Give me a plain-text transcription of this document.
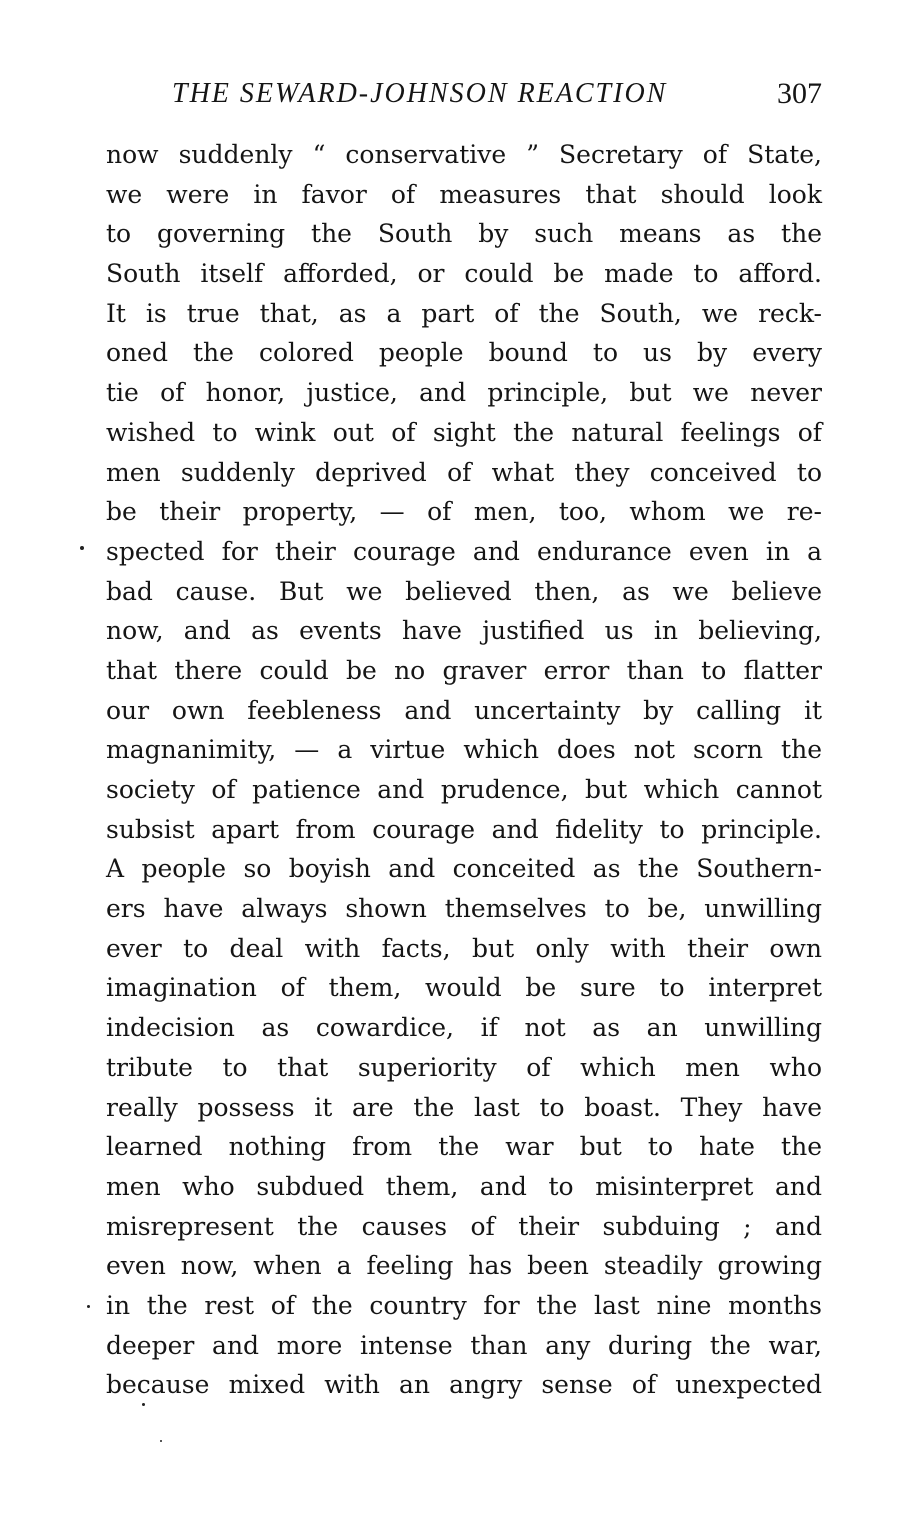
THE SEWARD-JOHNSON REACTION	307
now suddenly “ conservative ” Secretary of State,
we were in favor of measures that should look
to governing the South by such means as the
South itself afforded, or could be made to afford.
It is true that, as a part of the South, we reck-
oned the colored people bound to us by every
tie of honor, justice, and principle, but we never
wished to wink out of sight the natural feelings of
men suddenly deprived of what they conceived to
be their property, — of men, too, whom we re-
spected for their courage and endurance even in a
bad cause. But we believed then, as we believe
now, and as events have justified us in believing,
that there could be no graver error than to flatter
our own feebleness and uncertainty by calling it
magnanimity, — a virtue which does not scorn the
society of patience and prudence, but which cannot
subsist apart from courage and fidelity to principle.
A people so boyish and conceited as the Southern-
ers have always shown themselves to be, unwilling
ever to deal with facts, but only with their own
imagination of them, would be sure to interpret
indecision as cowardice, if not as an unwilling
tribute to that superiority of which men who
really possess it are the last to boast. They have
learned nothing from the war but to hate the
men who subdued them, and to misinterpret and
misrepresent the causes of their subduing ; and
even now, when a feeling has been steadily growing
in the rest of the country for the last nine months
deeper and more intense than any during the war,
because mixed with an angry sense of unexpected
